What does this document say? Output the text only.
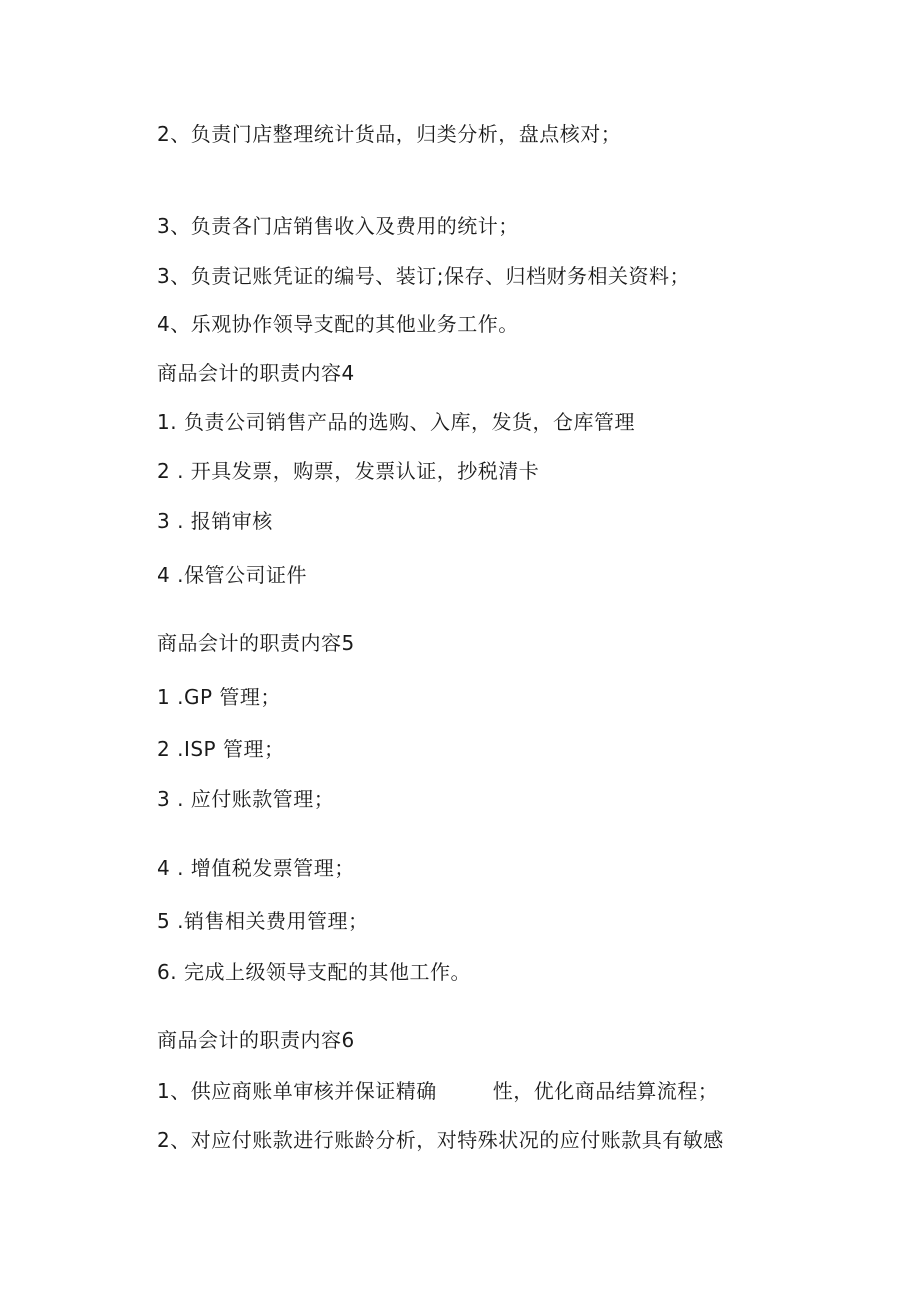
2、负责门店整理统计货品，归类分析，盘点核对；
3、负责各门店销售收入及费用的统计；
3、负责记账凭证的编号、装订;保存、归档财务相关资料；
4、乐观协作领导支配的其他业务工作。
商品会计的职责内容4
1. 负责公司销售产品的选购、入库，发货，仓库管理
2 . 开具发票，购票，发票认证，抄税清卡
3 . 报销审核
4 .保管公司证件
商品会计的职责内容5
1 .GP 管理；
2 .ISP 管理；
3 . 应付账款管理；
4 . 增值税发票管理；
5 .销售相关费用管理；
6. 完成上级领导支配的其他工作。
商品会计的职责内容6
1、供应商账单审核并保证精确	性，优化商品结算流程；
2、对应付账款进行账龄分析，对特殊状况的应付账款具有敏感
